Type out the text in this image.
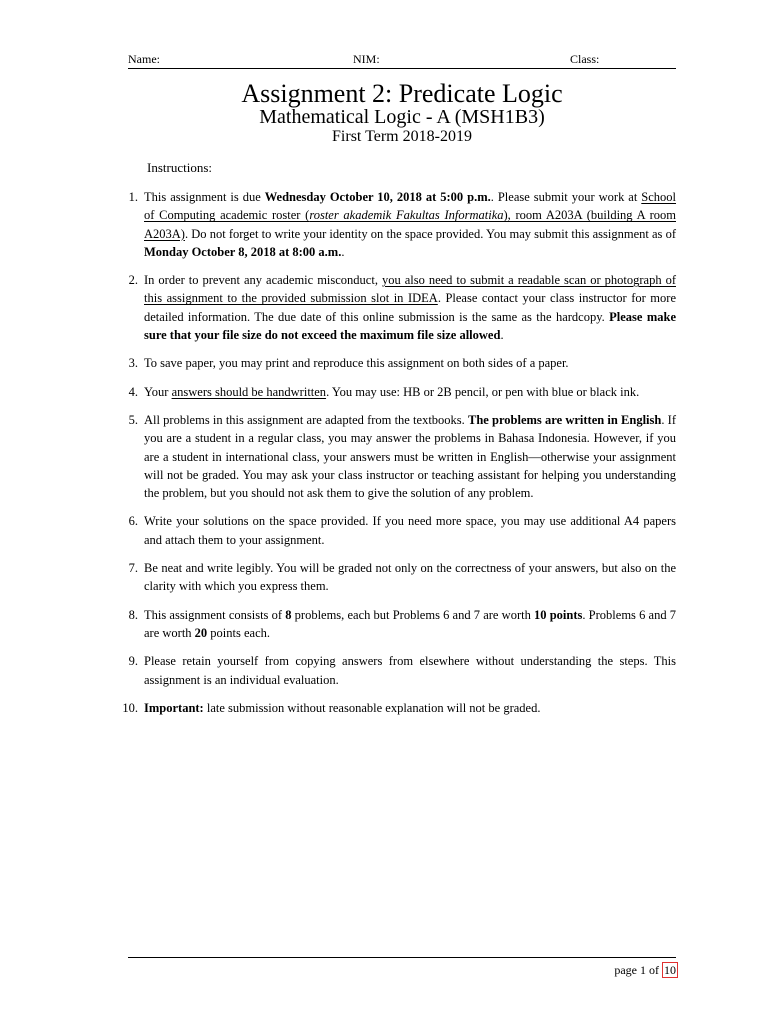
Name:	NIM:	Class:
Assignment 2: Predicate Logic
Mathematical Logic - A (MSH1B3)
First Term 2018-2019
Instructions:
1. This assignment is due Wednesday October 10, 2018 at 5:00 p.m.. Please submit your work at School of Computing academic roster (roster akademik Fakultas Informatika), room A203A (building A room A203A). Do not forget to write your identity on the space provided. You may submit this assignment as of Monday October 8, 2018 at 8:00 a.m..
2. In order to prevent any academic misconduct, you also need to submit a readable scan or photograph of this assignment to the provided submission slot in IDEA. Please contact your class instructor for more detailed information. The due date of this online submission is the same as the hardcopy. Please make sure that your file size do not exceed the maximum file size allowed.
3. To save paper, you may print and reproduce this assignment on both sides of a paper.
4. Your answers should be handwritten. You may use: HB or 2B pencil, or pen with blue or black ink.
5. All problems in this assignment are adapted from the textbooks. The problems are written in English. If you are a student in a regular class, you may answer the problems in Bahasa Indonesia. However, if you are a student in international class, your answers must be written in English—otherwise your assignment will not be graded. You may ask your class instructor or teaching assistant for helping you understanding the problem, but you should not ask them to give the solution of any problem.
6. Write your solutions on the space provided. If you need more space, you may use additional A4 papers and attach them to your assignment.
7. Be neat and write legibly. You will be graded not only on the correctness of your answers, but also on the clarity with which you express them.
8. This assignment consists of 8 problems, each but Problems 6 and 7 are worth 10 points. Problems 6 and 7 are worth 20 points each.
9. Please retain yourself from copying answers from elsewhere without understanding the steps. This assignment is an individual evaluation.
10. Important: late submission without reasonable explanation will not be graded.
page 1 of 10
